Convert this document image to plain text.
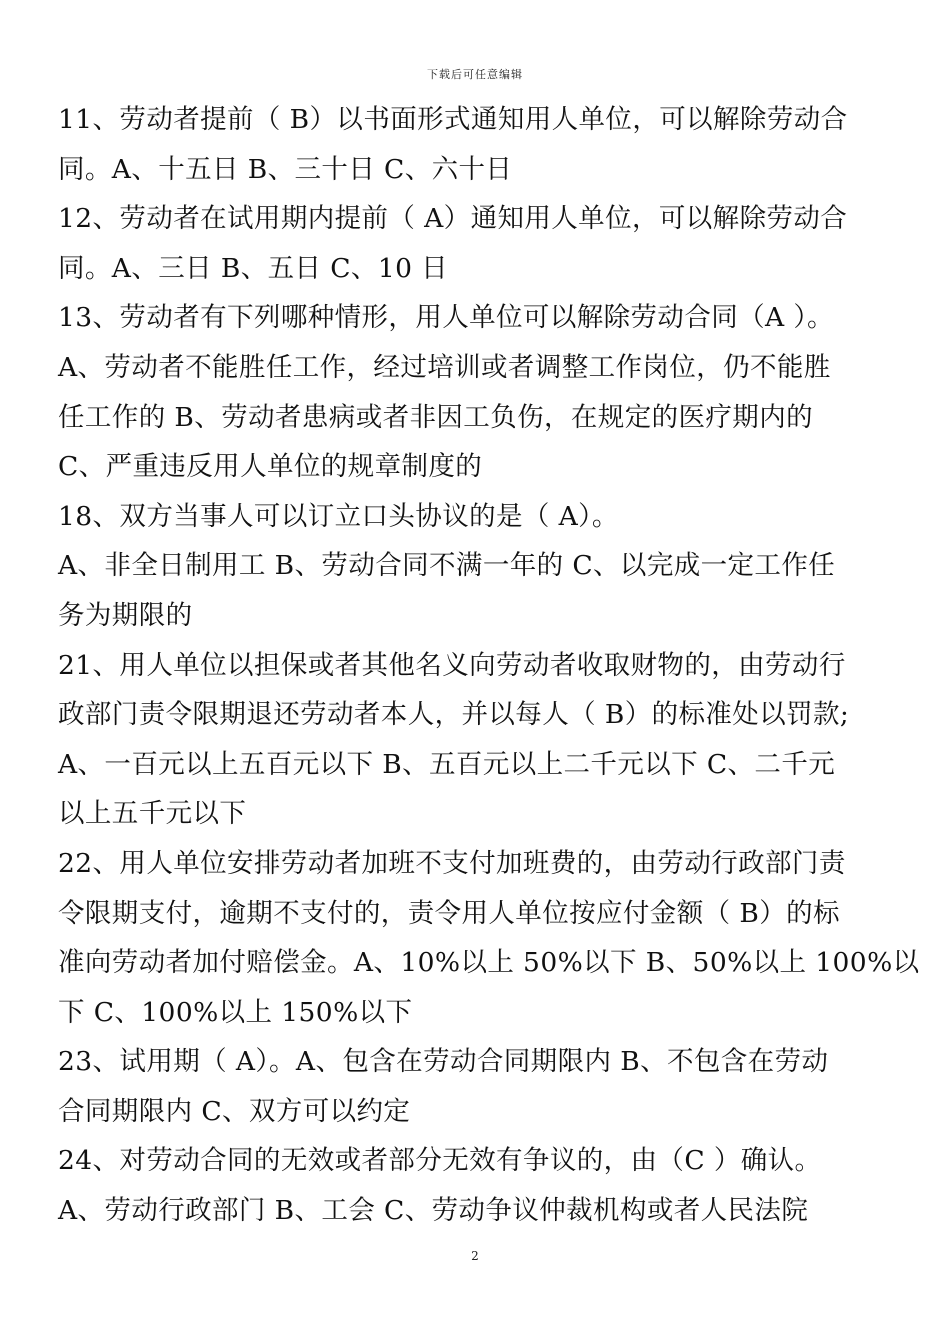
下载后可任意编辑
11、劳动者提前（ B）以书面形式通知用人单位，可以解除劳动合
同。A、十五日 B、三十日 C、六十日
12、劳动者在试用期内提前（ A）通知用人单位，可以解除劳动合
同。A、三日 B、五日 C、10 日
13、劳动者有下列哪种情形，用人单位可以解除劳动合同（A ）。
A、劳动者不能胜任工作，经过培训或者调整工作岗位，仍不能胜
任工作的 B、劳动者患病或者非因工负伤，在规定的医疗期内的
C、严重违反用人单位的规章制度的
18、双方当事人可以订立口头协议的是（ A）。
A、非全日制用工 B、劳动合同不满一年的 C、以完成一定工作任
务为期限的
21、用人单位以担保或者其他名义向劳动者收取财物的，由劳动行
政部门责令限期退还劳动者本人，并以每人（ B）的标准处以罚款;
A、一百元以上五百元以下 B、五百元以上二千元以下 C、二千元
以上五千元以下
22、用人单位安排劳动者加班不支付加班费的，由劳动行政部门责
令限期支付，逾期不支付的，责令用人单位按应付金额（ B）的标
准向劳动者加付赔偿金。A、10%以上 50%以下 B、50%以上 100%以
下 C、100%以上 150%以下
23、试用期（ A）。A、包含在劳动合同期限内 B、不包含在劳动
合同期限内 C、双方可以约定
24、对劳动合同的无效或者部分无效有争议的，由（C ）确认。
A、劳动行政部门 B、工会 C、劳动争议仲裁机构或者人民法院
2
